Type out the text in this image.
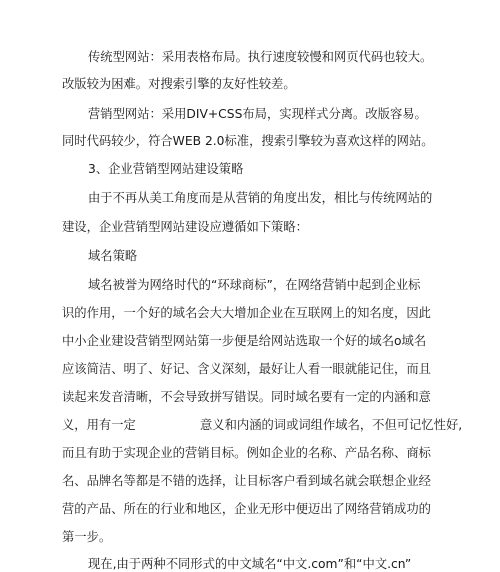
传统型网站：采用表格布局。执行速度较慢和网页代码也较大。
改版较为困难。对搜索引擎的友好性较差。
营销型网站：采用DIV+CSS布局，实现样式分离。改版容易。
同时代码较少，符合WEB 2.0标准，搜索引擎较为喜欢这样的网站。
3、企业营销型网站建设策略
由于不再从美工角度而是从营销的角度出发，相比与传统网站的
建设，企业营销型网站建设应遵循如下策略：
域名策略
域名被誉为网络时代的“环球商标”，在网络营销中起到企业标
识的作用，一个好的域名会大大增加企业在互联网上的知名度，因此
中小企业建设营销型网站第一步便是给网站选取一个好的域名o域名
应该简洁、明了、好记、含义深刻，最好让人看一眼就能记住，而且
读起来发音清晰，不会导致拼写错误。同时域名要有一定的内涵和意
义，用有一定	意义和内涵的词或词组作域名，不但可记忆性好,
而且有助于实现企业的营销目标。例如企业的名称、产品名称、商标
名、品牌名等都是不错的选择，让目标客户看到域名就会联想企业经
营的产品、所在的行业和地区，企业无形中便迈出了网络营销成功的
第一步。
现在,由于两种不同形式的中文域名“中文.com”和“中文.cn”
